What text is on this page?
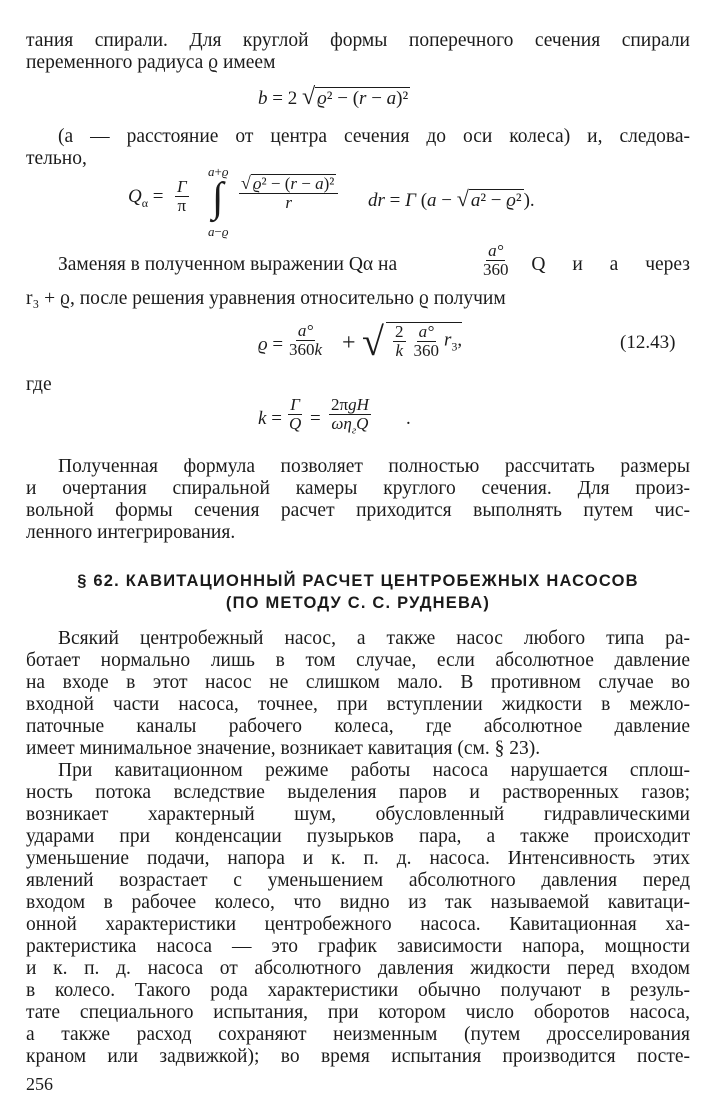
тания спирали. Для круглой формы поперечного сечения спирали
переменного радиуса ϱ имеем
b = 2 √ ϱ² − (r − a)²
(a — расстояние от центра сечения до оси колеса) и, следова-
тельно,
$Q_\alpha = \frac{\Gamma}{\pi}$
a+ϱ
∫
a−ϱ
$\frac{\text{√ ϱ² − (r − a)²}}{r}$ dr = Γ (a − √ a² − ϱ² ).
Заменяя в полученном выражении Qα на	$\frac{a^\circ}{360}$ Q и a через
r₃ + ϱ, после решения уравнения относительно ϱ получим
$ϱ = \frac{a^\circ}{360k}$ + √ $\frac{2}{k} \frac{a^\circ}{360} r_3$,	(12.43)
где
$k = \frac{\Gamma}{Q}$ =
2πgH
$\omega\eta_гQ$ .
Полученная формула позволяет полностью рассчитать размеры
и очертания спиральной камеры круглого сечения. Для произ-
вольной формы сечения расчет приходится выполнять путем чис-
ленного интегрирования.
§ 62. КАВИТАЦИОННЫЙ РАСЧЕТ ЦЕНТРОБЕЖНЫХ НАСОСОВ
(ПО МЕТОДУ С. С. РУДНЕВА)
Всякий центробежный насос, а также насос любого типа ра-
ботает нормально лишь в том случае, если абсолютное давление
на входе в этот насос не слишком мало. В противном случае во
входной части насоса, точнее, при вступлении жидкости в межло-
паточные каналы рабочего колеса, где абсолютное давление
имеет минимальное значение, возникает кавитация (см. § 23).
При кавитационном режиме работы насоса нарушается сплош-
ность потока вследствие выделения паров и растворенных газов;
возникает характерный шум, обусловленный гидравлическими
ударами при конденсации пузырьков пара, а также происходит
уменьшение подачи, напора и к. п. д. насоса. Интенсивность этих
явлений возрастает с уменьшением абсолютного давления перед
входом в рабочее колесо, что видно из так называемой кавитаци-
онной характеристики центробежного насоса. Кавитационная ха-
рактеристика насоса — это график зависимости напора, мощности
и к. п. д. насоса от абсолютного давления жидкости перед входом
в колесо. Такого рода характеристики обычно получают в резуль-
тате специального испытания, при котором число оборотов насоса,
а также расход сохраняют неизменным (путем дросселирования
краном или задвижкой); во время испытания производится посте-
256
